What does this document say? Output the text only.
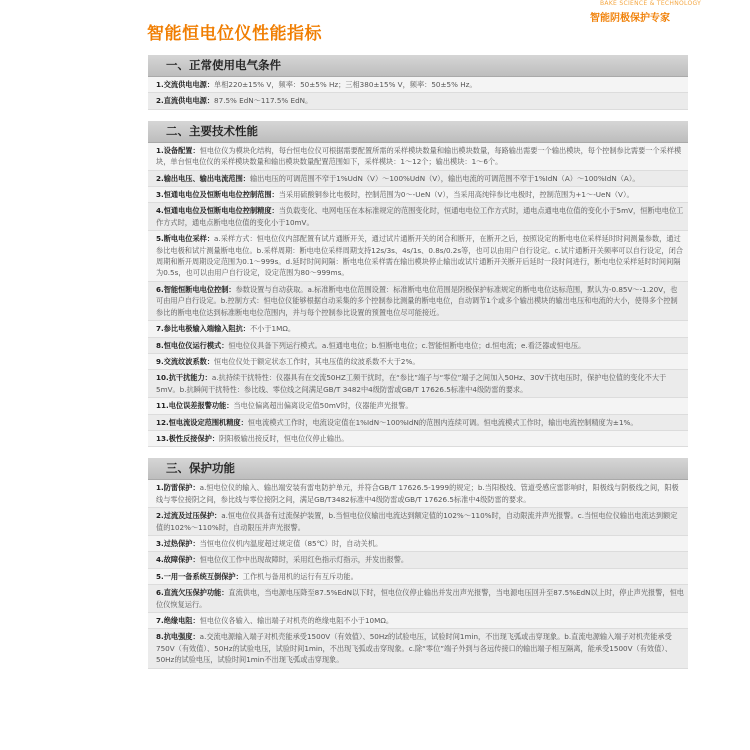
智能恒电位仪性能指标
BAKE SCIENCE & TECHNOLOGY
智能阴极保护专家
一、正常使用电气条件
1.交流供电电源：单相220±15% V，频率：50±5% Hz；三相380±15% V，频率：50±5% Hz。
2.直流供电电源：87.5% EdN～117.5% EdN。
二、主要技术性能
1.设备配置：恒电位仪为模块化结构，每台恒电位仪可根据需要配置所需的采样模块数量和输出模块数量，每路输出需要一个输出模块，每个控制参比需要一个采样模块，单台恒电位仪的采样模块数量和输出模块数量配置范围如下，采样模块：1～12个；输出模块：1～6个。
2.输出电压、输出电流范围：输出电压的可调范围不窄于1%UdN（V）～100%UdN（V），输出电流的可调范围不窄于1%IdN（A）～100%IdN（A）。
3.恒通电电位及恒断电电位控制范围：当采用硫酸铜参比电极时，控制范围为0～-UeN（V），当采用高纯锌参比电极时，控制范围为+1～-UeN（V）。
4.恒通电电位及恒断电电位控制精度：当负载变化、电网电压在本标准规定的范围变化时，恒通电电位工作方式时，通电点通电电位值的变化小于5mV，恒断电电位工作方式时，通电点断电电位值的变化小于10mV。
5.断电电位采样：a.采样方式：恒电位仪内部配置有试片通断开关，通过试片通断开关的闭合和断开，在断开之后，按照设定的断电电位采样延时时间测量参数，通过参比电极和试片测量断电电位。b.采样周期：断电电位采样周期支持12s/3s、4s/1s、0.8s/0.2s等，也可以由用户自行设定。c.试片通断开关频率可以自行设定，闭合周期和断开周期设定范围为0.1～999s。d.延时时间间隔：断电电位采样需在输出模块停止输出或试片通断开关断开后延时一段时间进行，断电电位采样延时时间间隔为0.5s，也可以由用户自行设定，设定范围为80～999ms。
6.智能恒断电电位控制：参数设置与自动获取。a.标准断电电位范围设置：标准断电电位范围是阴极保护标准规定的断电电位达标范围，默认为-0.85V～-1.20V，也可由用户自行设定。b.控制方式：恒电位仪能够根据自动采集的多个控制参比测量的断电电位，自动调节1个或多个输出模块的输出电压和电流的大小，使得多个控制参比的断电电位达到标准断电电位范围内，并与每个控制参比设置的预置电位尽可能接近。
7.参比电极输入端输入阻抗：不小于1MΩ。
8.恒电位仪运行模式：恒电位仪具备下列运行模式。a.恒通电电位；b.恒断电电位；c.智能恒断电电位；d.恒电流；e.看泛器或恒电压。
9.交流纹波系数：恒电位仪处于额定状态工作时，其电压值的纹波系数不大于2%。
10.抗干扰能力：a.抗持续干扰特性：仪器具有在交流50HZ工频干扰时，在“参比”端子与“零位”端子之间加入50Hz、30V干扰电压时，保护电位值的变化不大于5mV。b.抗瞬间干扰特性：参比线、零位线之间满足GB/T 3482中4级防雷或GB/T 17626.5标准中4级防雷的要求。
11.电位误差报警功能：当电位偏离超出偏离设定值50mV时，仪器能声光报警。
12.恒电流设定范围机精度：恒电流模式工作时，电流设定值在1%IdN～100%IdN的范围内连续可调。恒电流模式工作时，输出电流控制精度为±1%。
13.极性反接保护：阴阳极输出接反时，恒电位仪停止输出。
三、保护功能
1.防雷保护：a.恒电位仪的输入、输出端安装有雷电防护单元，并符合GB/T 17626.5-1999的规定；b.当阳极线、管道受感应雷影响时，阳极线与阴极线之间，阳极线与零位接阴之间，参比线与零位接阴之间，满足GB/T3482标准中4级防雷或GB/T 17626.5标准中4级防雷的要求。
2.过流及过压保护：a.恒电位仪具备有过流保护装置，b.当恒电位仪输出电流达到额定值的102%～110%时，自动限流并声光报警。c.当恒电位仪输出电流达到额定值的102%～110%时，自动限压并声光报警。
3.过热保护：当恒电位仪机内温度超过规定值（85℃）时，自动关机。
4.故障保护：恒电位仪工作中出现故障时，采用红色指示灯指示，并发出报警。
5.一用一备系统互倒保护：工作机与备用机的运行有互斥功能。
6.直流欠压保护功能：直流供电，当电源电压降至87.5%EdN以下时，恒电位仪停止输出并发出声光报警，当电源电压回升至87.5%EdN以上时，停止声光报警，恒电位仪恢复运行。
7.绝缘电阻：恒电位仪各输入、输出端子对机壳的绝缘电阻不小于10MΩ。
8.抗电强度：a.交流电源输入端子对机壳能承受1500V（有效值）、50Hz的试验电压，试验时间1min，不出现飞弧或击穿现象。b.直流电源输入端子对机壳能承受750V（有效值）、50Hz的试验电压，试验时间1min，不出现飞弧或击穿现象。c.除“零位”端子外到与各远传接口的输出端子相互隔离，能承受1500V（有效值）、50Hz的试验电压，试验时间1min不出现飞弧或击穿现象。
